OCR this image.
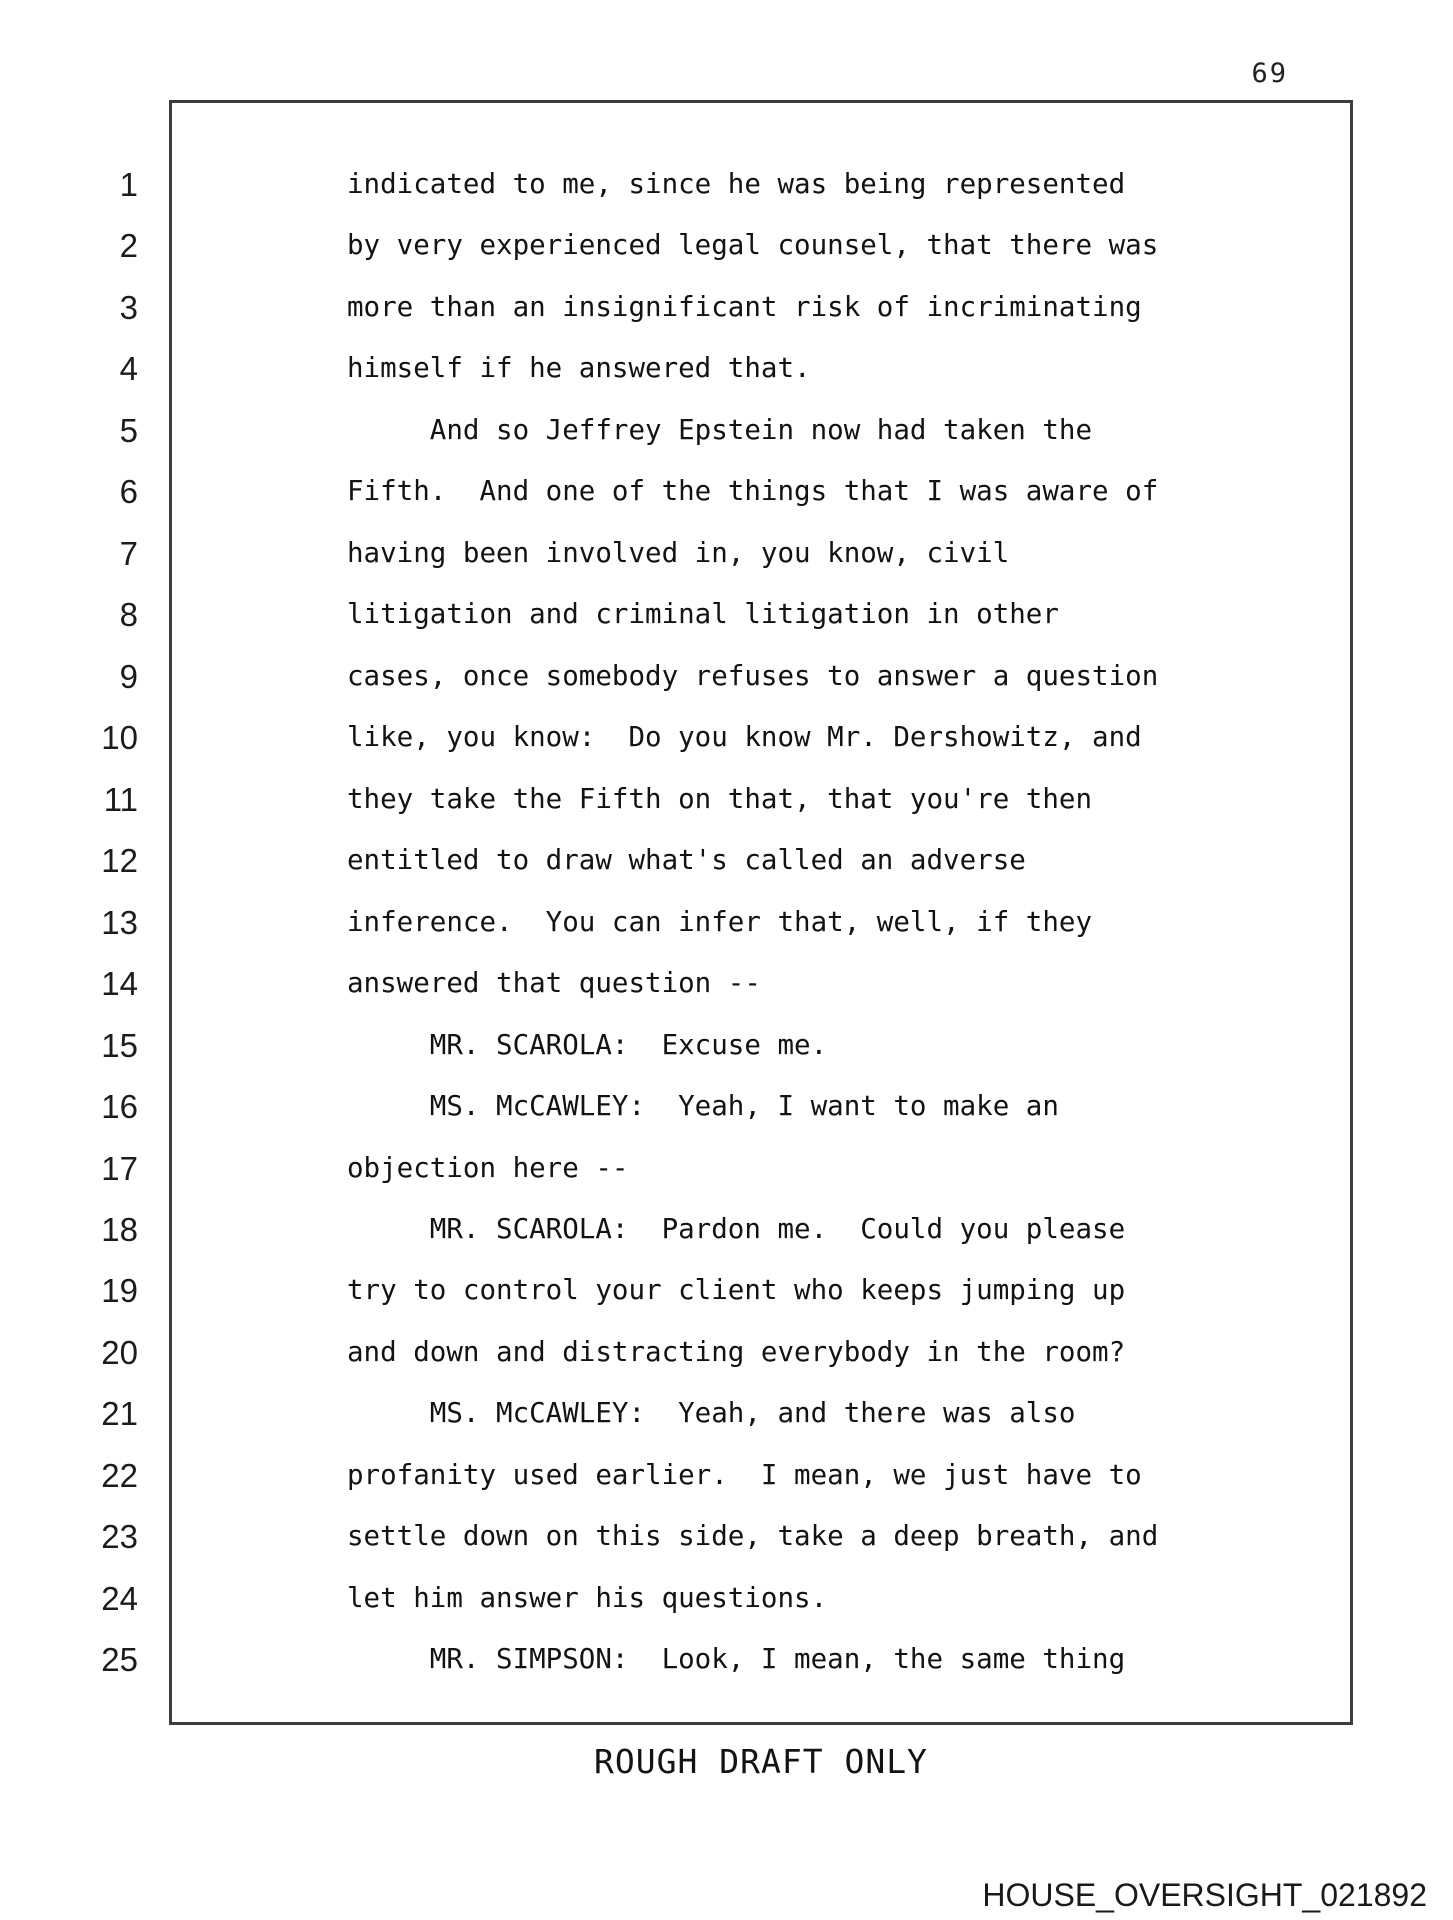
69
1	indicated to me, since he was being represented
2	by very experienced legal counsel, that there was
3	more than an insignificant risk of incriminating
4	himself if he answered that.
5	And so Jeffrey Epstein now had taken the
6	Fifth.  And one of the things that I was aware of
7	having been involved in, you know, civil
8	litigation and criminal litigation in other
9	cases, once somebody refuses to answer a question
10	like, you know:  Do you know Mr. Dershowitz, and
11	they take the Fifth on that, that you're then
12	entitled to draw what's called an adverse
13	inference.  You can infer that, well, if they
14	answered that question --
15	MR. SCAROLA:  Excuse me.
16	MS. McCAWLEY:  Yeah, I want to make an
17	objection here --
18	MR. SCAROLA:  Pardon me.  Could you please
19	try to control your client who keeps jumping up
20	and down and distracting everybody in the room?
21	MS. McCAWLEY:  Yeah, and there was also
22	profanity used earlier.  I mean, we just have to
23	settle down on this side, take a deep breath, and
24	let him answer his questions.
25	MR. SIMPSON:  Look, I mean, the same thing
ROUGH DRAFT ONLY
HOUSE_OVERSIGHT_021892
